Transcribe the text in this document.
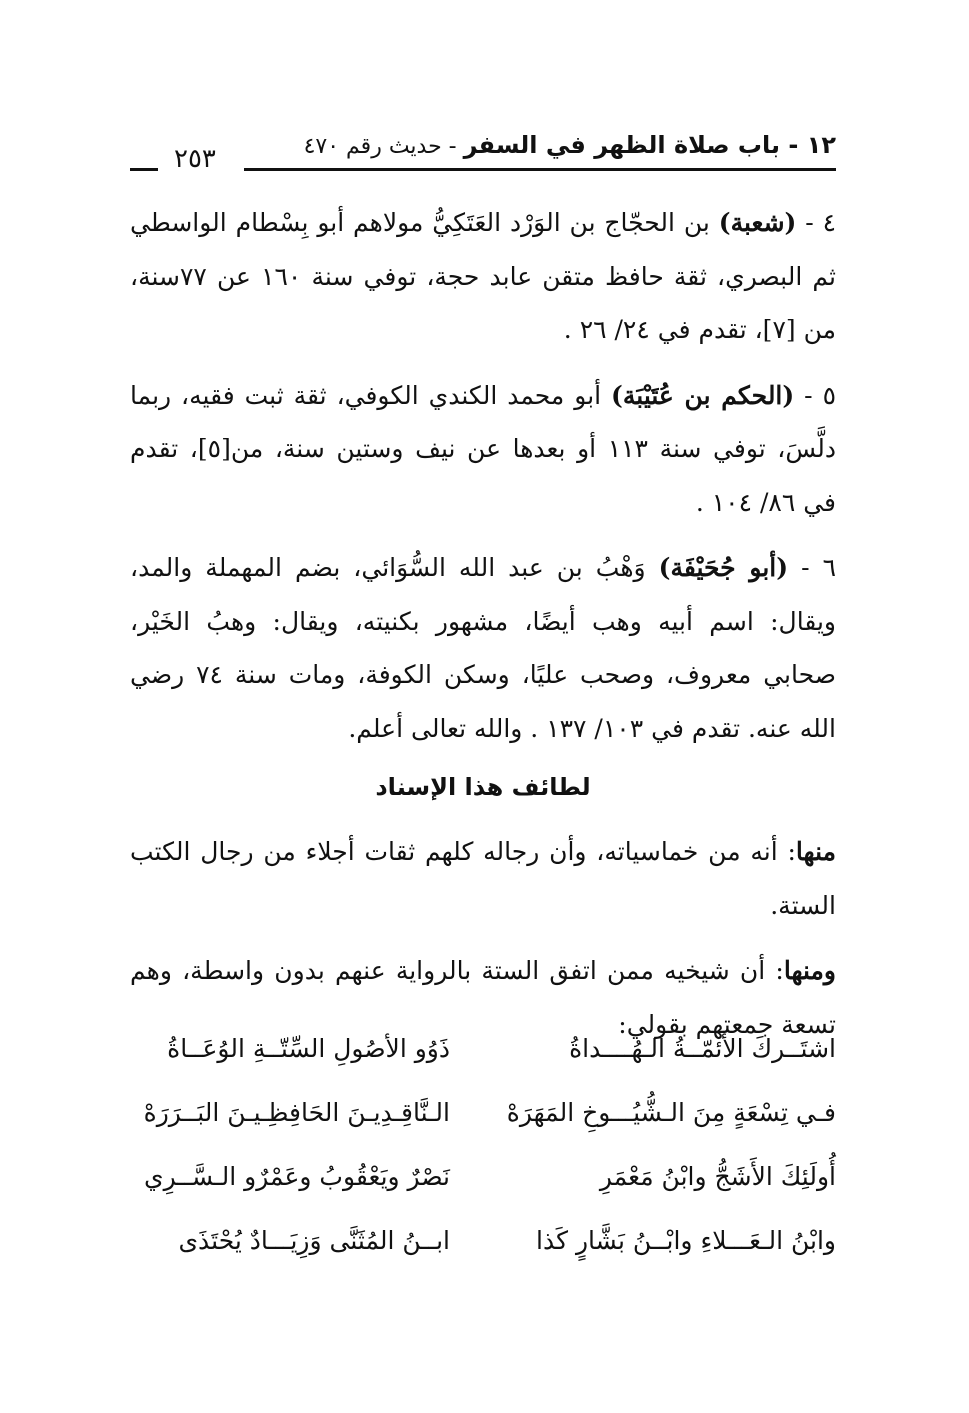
١٢ - باب صلاة الظهر في السفر - حديث رقم ٤٧٠
٢٥٣

٤ - (شعبة) بن الحجّاج بن الوَرْد العَتَكِيُّ مولاهم أبو بِسْطام الواسطي ثم البصري، ثقة حافظ متقن عابد حجة، توفي سنة ١٦٠ عن ٧٧سنة، من [٧]، تقدم في ٢٤/ ٢٦ .

٥ - (الحكم بن عُتَيْبَة) أبو محمد الكندي الكوفي، ثقة ثبت فقيه، ربما دلَّسَ، توفي سنة ١١٣ أو بعدها عن نيف وستين سنة، من[٥]، تقدم في ٨٦/ ١٠٤ .

٦ - (أبو جُحَيْفَة) وَهْبُ بن عبد الله السُّوَائي، بضم المهملة والمد، ويقال: اسم أبيه وهب أيضًا، مشهور بكنيته، ويقال: وهبُ الخَيْر، صحابي معروف، وصحب عليًا، وسكن الكوفة، ومات سنة ٧٤ رضي الله عنه. تقدم في ١٠٣/ ١٣٧ . والله تعالى أعلم.

لطائف هذا الإسناد

منها: أنه من خماسياته، وأن رجاله كلهم ثقات أجلاء من رجال الكتب الستة.

ومنها: أن شيخيه ممن اتفق الستة بالرواية عنهم بدون واسطة، وهم تسعة جمعتهم بقولي:

اشتَــركَ الأئمّــةُ الـهُــــداةُ
ذَوُو الأصُولِ السِّتّــةِ الوُعَــاةُ
فـي تِسْعَةٍ مِنَ الـشُّيُـــوخِ المَهَرَهْ
الـنَّاقِـدِيـنَ الحَافِظِـيـنَ البَــرَرَهْ
أُولَئِكَ الأَشَجُّ وابْنُ مَعْمَرِ
نَصْرٌ ويَعْقُوبُ وعَمْرٌو الـسَّــرِي
وابْنُ الـعَـــلاءِ وابْــنُ بَشَّارٍ كَذا
ابــنُ المُثَنَّى وَزِيَـــادٌ يُحْتَذَى
